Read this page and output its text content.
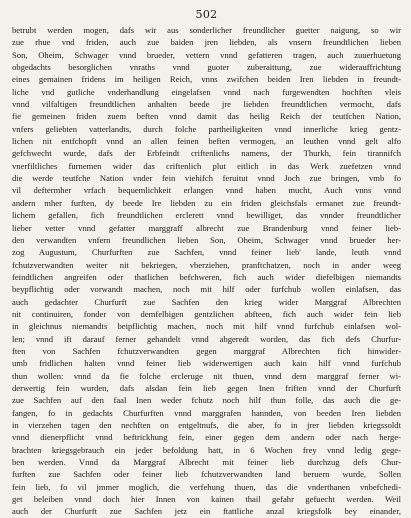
502
betrubt werden mogen, dafs wir aus sonderlicher freundlicher guetter naigung, so wir
zue rhue vnd friden, auch zue baiden jren liebden, als vnsern freundtlichen lieben
Son, Oheim, Schwager vnnd brueder, vettern vnnd gefatteren tragen, auch zuuerhuetung
obgedachts besorglichen vnraths vnnd guoter zuberaittung, zue widerauffrichtung
eines gemainen fridens im heiligen Reich, vnns zwifchen beiden Iren liebden in freundt-
liche vnd gutliche vnderhandlung eingelafsen vnnd nach furgewendten hochften vleis
vnnd vilfaltigen freundtlichen anhalten beede jre liebden freundtlichen vermocht, dafs
fie gemeinen friden zuem beften vnnd damit das heilig Reich der teutfchen Nation,
vnfers geliebten vatterlandts, durch folche partheiligkeiten vnnd innerliche krieg gentz-
lichen nit entfchopft vnnd an allen feinen beften vermogen, an leuthen vnnd gelt alfo
gefchwecht wurde, dafs der Erbfeindt criftenlichs namens, der Thurkh, fein tirannifch
vnerfiltliches furnemen wider das criftenlich plut eitlich in das Werk zuefetzen vnnd
die werde teutfche Nation vnder fein viehifch feruitut vnnd Joch zue bringen, vmb fo
vil deftermher vrfach bequemlichkeit erlangen vnnd haben mucht, Auch vnns vnnd
andern mher furften, dy beede Ire liebden zu ein friden gleichsfals ermanet zue freundt-
lichem gefallen, fich freundtlichen erclerett vnnd bewilliget, das vnnder freundtlicher
lieber vetter vnnd gefatter marggraff albrecht zue Brandenburg vnnd feiner lieb-
den verwandten vnfern freundlichen lieben Son, Oheim, Schwager vnnd brueder her-
zog Augustum, Churfurften zue Sachfen, vnnd feiner lieb' lande, leuth vnnd
fchutzverwandten weiter nit bekriegen, vberziehen, pranftchatzen, noch in ander weeg
feindtlichen angreifen oder thatlichen befchweren, fich auch wider diefelbigen niemandts
beypflichtig oder vorwandt machen, noch mit hilf oder furfchub wollen einlafsen, das
auch gedachter Churfurft zue Sachfen den krieg wider Marggraf Albrechten
nit continuiren, fonder von demfelbigen gentzlichen abfteen, fich auch wider fein lieb
in gleichnus niemandts beipflichtig machen, noch mit hilf vnnd furfchub einlafsen wol-
len; vnnd ift darauf ferner gehandelt vnnd abgeredt worden, das fich defs Churfur-
ften von Sachfen fchutzverwandten gegen marggraf Albrechten fich hinwider-
umb fridlichen halten vnnd feiner lieb widerwertigen auch kain hilf vnnd furfchub
thun wollen: vnnd da fie folche ercleruge nit thuen, vnnd dem marggraf ferner wi-
derwertig fein wurden, dafs alsdan fein lieb gegen Inen friften vnnd der Churfurft
zue Sachfen auf den faal Inen weder fchutz noch hilf thun folle, das auch die ge-
fangen, fo in gedachts Churfurften vnnd marggrafen hannden, von beeden Iren liebden
in vierzehen tagen den nechften on entgeltnufs, die aber, fo in jrer liebden kriegssoldt
vnnd dienerpflicht vnnd beftrickhung fein, einer gegen dem andern oder nach herge-
brachten kriegsgebrauch ein jeder befoldung hatt, in 6 Wochen frey vnnd ledig gege-
ben werden. Vnnd da Marggraf Albrecht mit feiner lieb durchzug defs Chur-
furften zue Sachfen oder feiner lieb fchutzverwandten land beruern wurde, Sollen
fein lieb, fo vil jmmer moglich, die verfehung thuen, das die vnderthanen vnbefchedi-
get beleiben vnnd doch hier Innen von kainen thail gefahr gefuecht werden. Weil
auch der Churfurft zue Sachfen jetz ein ftattliche anzal kriegsfolk bey einander,
